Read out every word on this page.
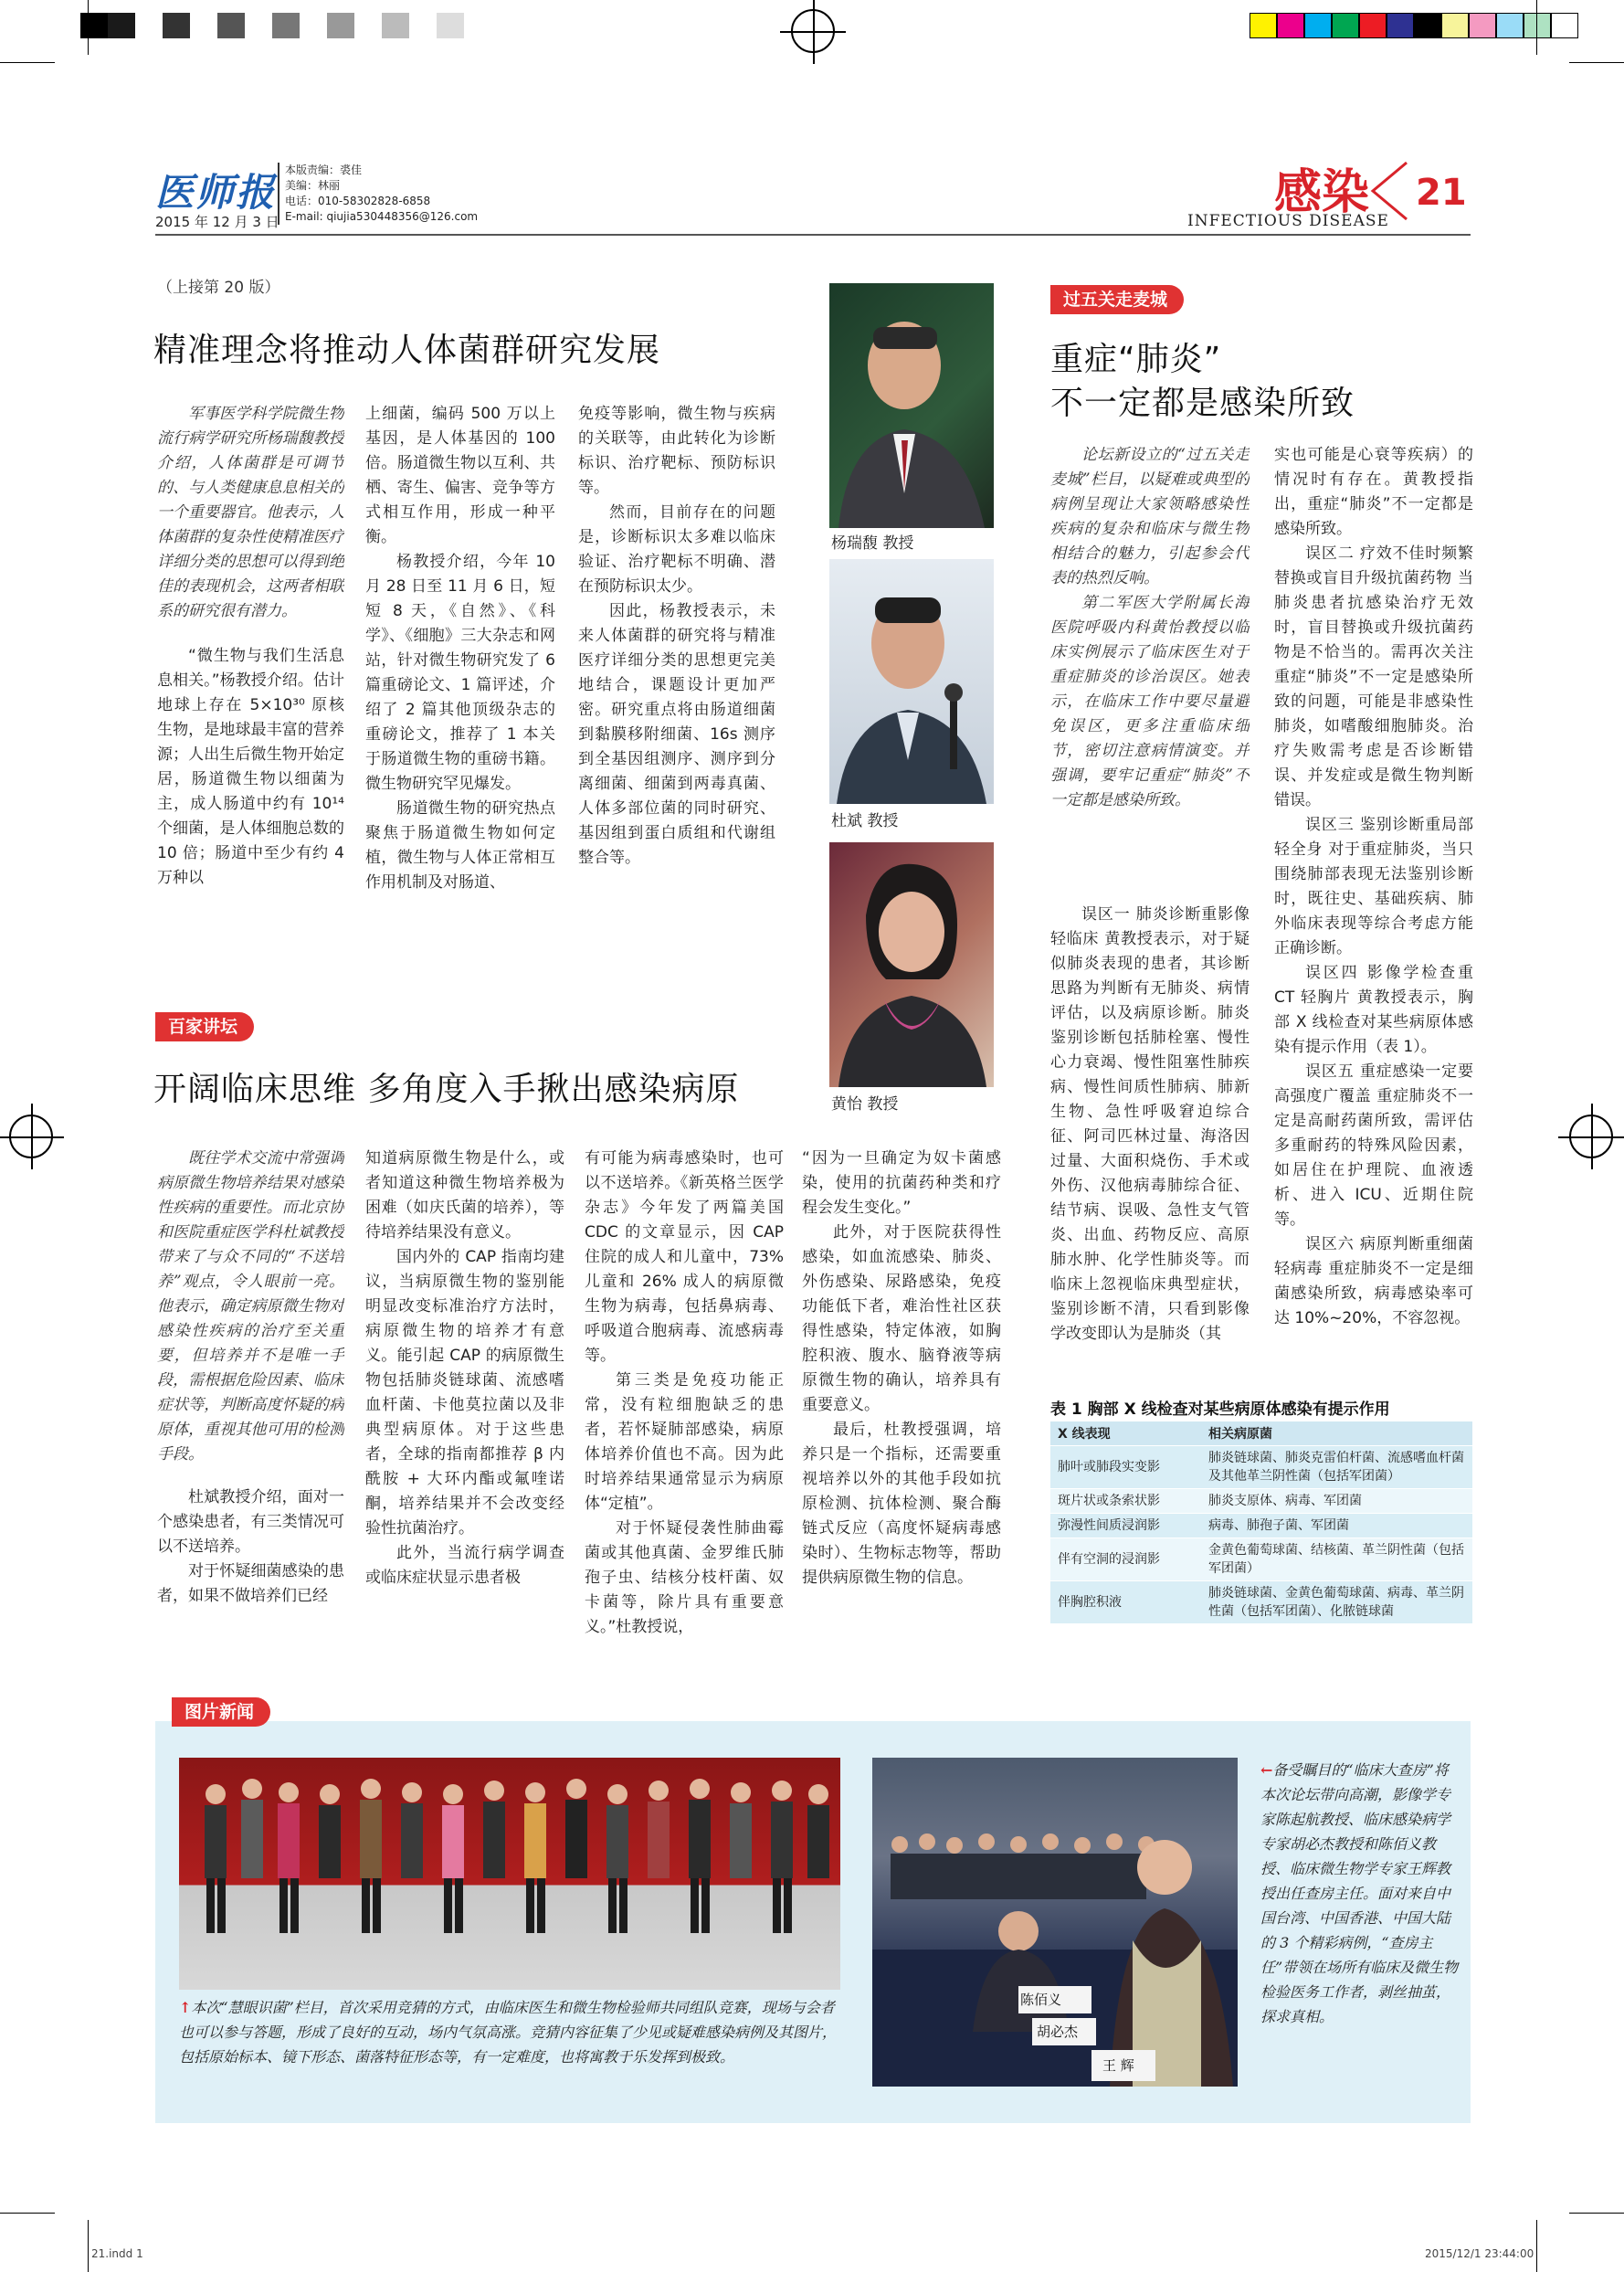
医师报
2015 年 12 月 3 日
本版责编：裘佳
美编：林丽
电话：010-58302828-6858
E-mail: qiujia530448356@126.com	感染
INFECTIOUS DISEASE
21
（上接第 20 版）
精准理念将推动人体菌群研究发展

军事医学科学院微生物流行病学研究所杨瑞馥教授介绍，人体菌群是可调节的、与人类健康息息相关的一个重要器官。他表示，人体菌群的复杂性使精准医疗详细分类的思想可以得到绝佳的表现机会，这两者相联系的研究很有潜力。

“微生物与我们生活息息相关。”杨教授介绍。估计地球上存在 5×10³⁰ 原核生物，是地球最丰富的营养源；人出生后微生物开始定居，肠道微生物以细菌为主，成人肠道中约有 10¹⁴ 个细菌，是人体细胞总数的 10 倍；肠道中至少有约 4 万种以

上细菌，编码 500 万以上基因，是人体基因的 100 倍。肠道微生物以互利、共栖、寄生、偏害、竞争等方式相互作用，形成一种平衡。

杨教授介绍，今年 10 月 28 日至 11 月 6 日，短短 8 天，《自然》、《科学》、《细胞》三大杂志和网站，针对微生物研究发了 6 篇重磅论文、1 篇评述，介绍了 2 篇其他顶级杂志的重磅论文，推荐了 1 本关于肠道微生物的重磅书籍。微生物研究罕见爆发。

肠道微生物的研究热点聚焦于肠道微生物如何定植，微生物与人体正常相互作用机制及对肠道、

免疫等影响，微生物与疾病的关联等，由此转化为诊断标识、治疗靶标、预防标识等。

然而，目前存在的问题是，诊断标识太多难以临床验证、治疗靶标不明确、潜在预防标识太少。

因此，杨教授表示，未来人体菌群的研究将与精准医疗详细分类的思想更完美地结合，课题设计更加严密。研究重点将由肠道细菌到黏膜移附细菌、16s 测序到全基因组测序、测序到分离细菌、细菌到两毒真菌、人体多部位菌的同时研究、基因组到蛋白质组和代谢组整合等。

杨瑞馥 教授
杜斌 教授
黄怡 教授
百家讲坛
开阔临床思维 多角度入手揪出感染病原

既往学术交流中常强调病原微生物培养结果对感染性疾病的重要性。而北京协和医院重症医学科杜斌教授带来了与众不同的“不送培养”观点，令人眼前一亮。他表示，确定病原微生物对感染性疾病的治疗至关重要，但培养并不是唯一手段，需根据危险因素、临床症状等，判断高度怀疑的病原体，重视其他可用的检测手段。

杜斌教授介绍，面对一个感染患者，有三类情况可以不送培养。

对于怀疑细菌感染的患者，如果不做培养们已经

知道病原微生物是什么，或者知道这种微生物培养极为困难（如庆氏菌的培养），等待培养结果没有意义。

国内外的 CAP 指南均建议，当病原微生物的鉴别能明显改变标准治疗方法时，病原微生物的培养才有意义。能引起 CAP 的病原微生物包括肺炎链球菌、流感嗜血杆菌、卡他莫拉菌以及非典型病原体。对于这些患者，全球的指南都推荐 β 内酰胺 + 大环内酯或氟喹诺酮，培养结果并不会改变经验性抗菌治疗。

此外，当流行病学调查或临床症状显示患者极

有可能为病毒感染时，也可以不送培养。《新英格兰医学杂志》今年发了两篇美国 CDC 的文章显示，因 CAP 住院的成人和儿童中，73% 儿童和 26% 成人的病原微生物为病毒，包括鼻病毒、呼吸道合胞病毒、流感病毒等。

第三类是免疫功能正常，没有粒细胞缺乏的患者，若怀疑肺部感染，病原体培养价值也不高。因为此时培养结果通常显示为病原体“定植”。

对于怀疑侵袭性肺曲霉菌或其他真菌、金罗维氏肺孢子虫、结核分枝杆菌、奴卡菌等，除片具有重要意义。”杜教授说，

“因为一旦确定为奴卡菌感染，使用的抗菌药种类和疗程会发生变化。”

此外，对于医院获得性感染，如血流感染、肺炎、外伤感染、尿路感染，免疫功能低下者，难治性社区获得性感染，特定体液，如胸腔积液、腹水、脑脊液等病原微生物的确认，培养具有重要意义。

最后，杜教授强调，培养只是一个指标，还需要重视培养以外的其他手段如抗原检测、抗体检测、聚合酶链式反应（高度怀疑病毒感染时）、生物标志物等，帮助提供病原微生物的信息。

过五关走麦城
重症“肺炎”
不一定都是感染所致

论坛新设立的“过五关走麦城”栏目，以疑难或典型的病例呈现让大家领略感染性疾病的复杂和临床与微生物相结合的魅力，引起参会代表的热烈反响。

第二军医大学附属长海医院呼吸内科黄怡教授以临床实例展示了临床医生对于重症肺炎的诊治误区。她表示，在临床工作中要尽量避免误区，更多注重临床细节，密切注意病情演变。并强调，要牢记重症“肺炎”不一定都是感染所致。

误区一 肺炎诊断重影像轻临床 黄教授表示，对于疑似肺炎表现的患者，其诊断思路为判断有无肺炎、病情评估，以及病原诊断。肺炎鉴别诊断包括肺栓塞、慢性心力衰竭、慢性阻塞性肺疾病、慢性间质性肺病、肺新生物、急性呼吸窘迫综合征、阿司匹林过量、海洛因过量、大面积烧伤、手术或外伤、汉他病毒肺综合征、结节病、误吸、急性支气管炎、出血、药物反应、高原肺水肿、化学性肺炎等。而临床上忽视临床典型症状，鉴别诊断不清，只看到影像学改变即认为是肺炎（其

实也可能是心衰等疾病）的情况时有存在。黄教授指出，重症“肺炎”不一定都是感染所致。

误区二 疗效不佳时频繁替换或盲目升级抗菌药物 当肺炎患者抗感染治疗无效时，盲目替换或升级抗菌药物是不恰当的。需再次关注重症“肺炎”不一定是感染所致的问题，可能是非感染性肺炎，如嗜酸细胞肺炎。治疗失败需考虑是否诊断错误、并发症或是微生物判断错误。

误区三 鉴别诊断重局部轻全身 对于重症肺炎，当只围绕肺部表现无法鉴别诊断时，既往史、基础疾病、肺外临床表现等综合考虑方能正确诊断。

误区四 影像学检查重 CT 轻胸片 黄教授表示，胸部 X 线检查对某些病原体感染有提示作用（表 1）。

误区五 重症感染一定要高强度广覆盖 重症肺炎不一定是高耐药菌所致，需评估多重耐药的特殊风险因素，如居住在护理院、血液透析、进入 ICU、近期住院等。

误区六 病原判断重细菌轻病毒 重症肺炎不一定是细菌感染所致，病毒感染率可达 10%~20%，不容忽视。

表 1 胸部 X 线检查对某些病原体感染有提示作用
X 线表现	相关病原菌
肺叶或肺段实变影	肺炎链球菌、肺炎克雷伯杆菌、流感嗜血杆菌及其他革兰阴性菌（包括军团菌）
斑片状或条索状影	肺炎支原体、病毒、军团菌
弥漫性间质浸润影	病毒、肺孢子菌、军团菌
伴有空洞的浸润影	金黄色葡萄球菌、结核菌、革兰阴性菌（包括军团菌）
伴胸腔积液	肺炎链球菌、金黄色葡萄球菌、病毒、革兰阴性菌（包括军团菌）、化脓链球菌
图片新闻
↑本次“慧眼识菌”栏目，首次采用竞猜的方式，由临床医生和微生物检验师共同组队竞赛，现场与会者也可以参与答题，形成了良好的互动，场内气氛高涨。竞猜内容征集了少见或疑难感染病例及其图片，包括原始标本、镜下形态、菌落特征形态等，有一定难度，也将寓教于乐发挥到极致。
陈佰义
胡必杰
王 辉
←备受瞩目的“临床大查房”将本次论坛带向高潮，影像学专家陈起航教授、临床感染病学专家胡必杰教授和陈佰义教授、临床微生物学专家王辉教授出任查房主任。面对来自中国台湾、中国香港、中国大陆的 3 个精彩病例，“查房主任”带领在场所有临床及微生物检验医务工作者，剥丝抽茧，探求真相。
21.indd 1	2015/12/1 23:44:00
